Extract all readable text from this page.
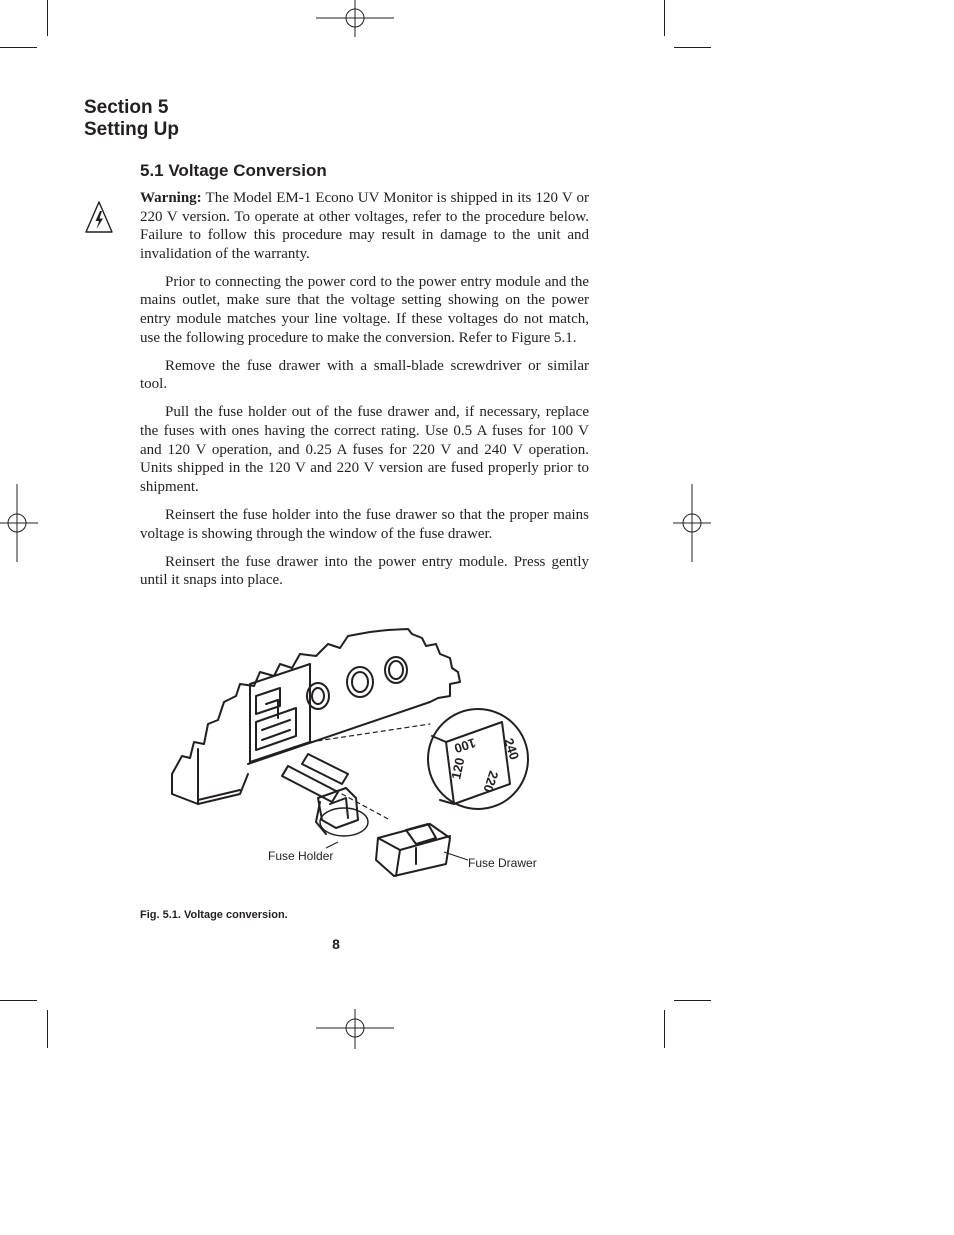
Section 5
Setting Up
5.1 Voltage Conversion

Warning: The Model EM-1 Econo UV Monitor is shipped in its 120 V or 220 V version. To operate at other voltages, refer to the procedure below. Failure to follow this procedure may result in damage to the unit and invalidation of the warranty.

Prior to connecting the power cord to the power entry module and the mains outlet, make sure that the voltage setting showing on the power entry module matches your line voltage. If these voltages do not match, use the following procedure to make the conversion. Refer to Figure 5.1.

Remove the fuse drawer with a small-blade screwdriver or similar tool.

Pull the fuse holder out of the fuse drawer and, if necessary, replace the fuses with ones having the correct rating. Use 0.5 A fuses for 100 V and 120 V operation, and 0.25 A fuses for 220 V and 240 V operation. Units shipped in the 120 V and 220 V version are fused properly prior to shipment.

Reinsert the fuse holder into the fuse drawer so that the proper mains voltage is showing through the window of the fuse drawer.

Reinsert the fuse drawer into the power entry module. Press gently until it snaps into place.

100 240
120
220
Fuse Holder	Fuse Drawer
Fig. 5.1. Voltage conversion.
8
